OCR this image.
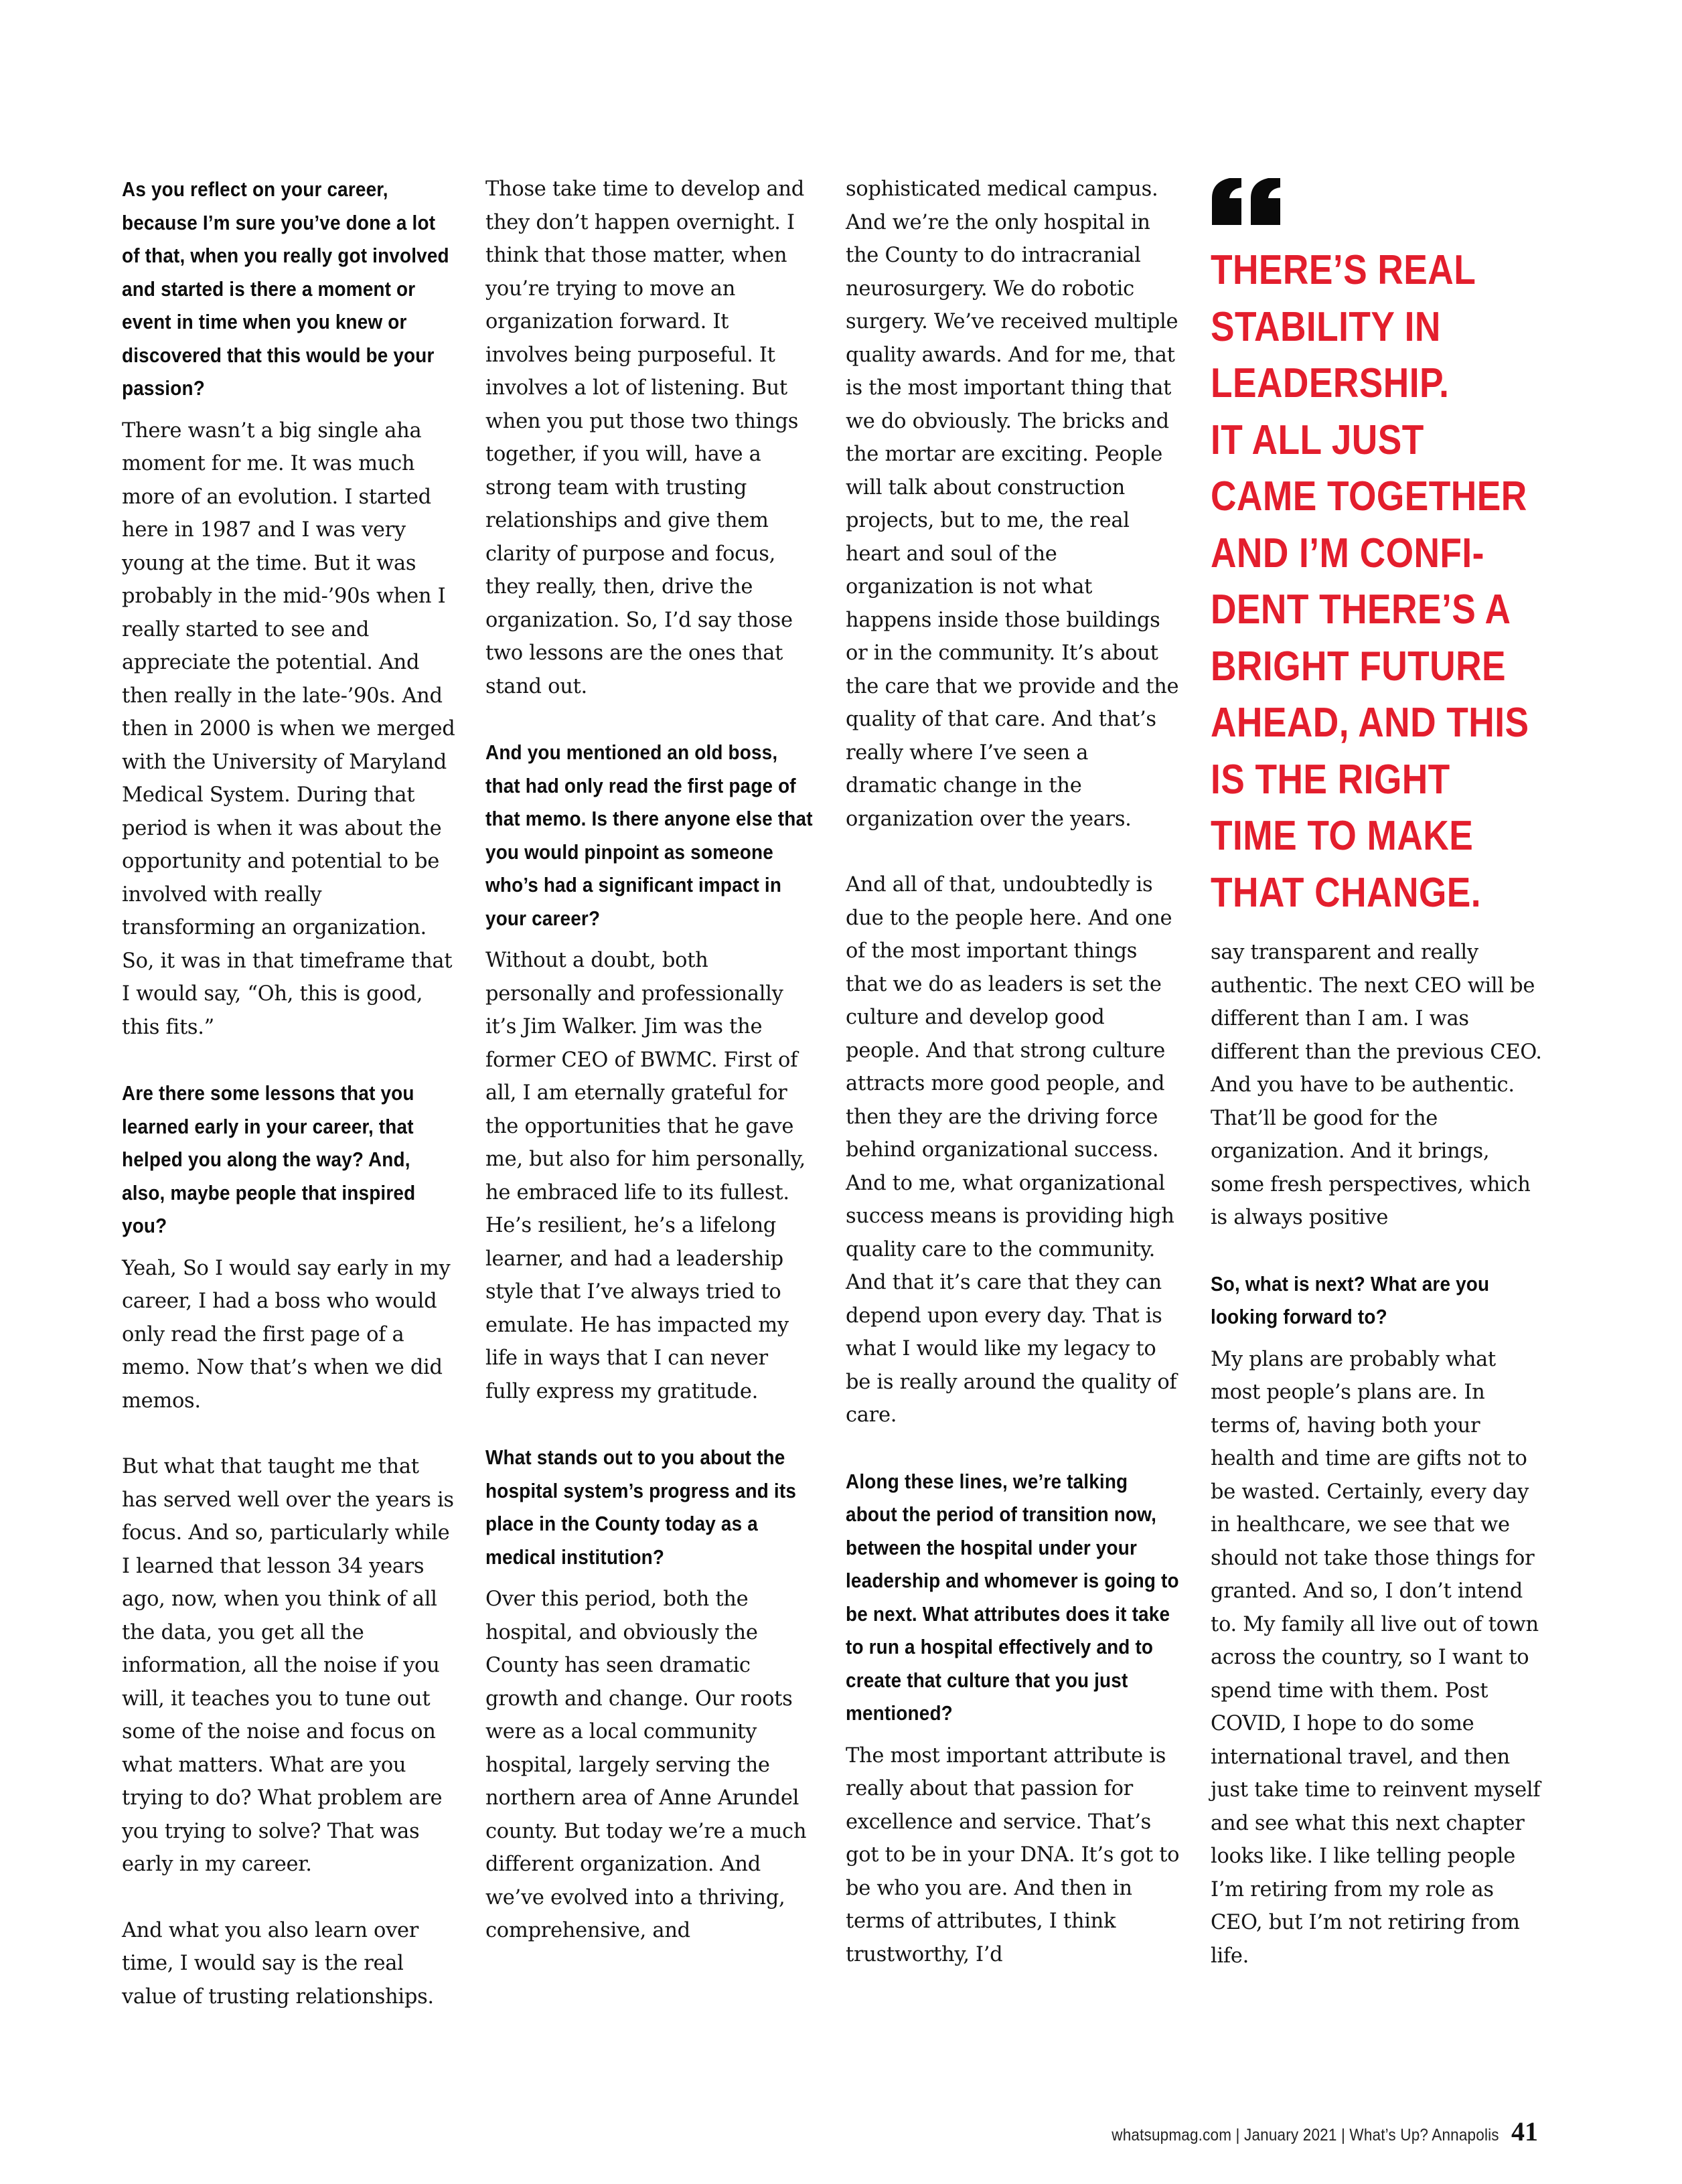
As you reflect on your career, because I’m sure you’ve done a lot of that, when you really got involved and started is there a moment or event in time when you knew or discovered that this would be your passion?

There wasn’t a big single aha moment for me. It was much more of an evolution. I started here in 1987 and I was very young at the time. But it was probably in the mid-’90s when I really started to see and appreciate the potential. And then really in the late-’90s. And then in 2000 is when we merged with the University of Maryland Medical System. During that period is when it was about the opportunity and potential to be involved with really transforming an organization. So, it was in that timeframe that I would say, “Oh, this is good, this fits.”

Are there some lessons that you learned early in your career, that helped you along the way? And, also, maybe people that inspired you?

Yeah, So I would say early in my career, I had a boss who would only read the first page of a memo. Now that’s when we did memos.

But what that taught me that has served well over the years is focus. And so, particularly while I learned that lesson 34 years ago, now, when you think of all the data, you get all the information, all the noise if you will, it teaches you to tune out some of the noise and focus on what matters. What are you trying to do? What problem are you trying to solve? That was early in my career.

And what you also learn over time, I would say is the real value of trusting relationships.

Those take time to develop and they don’t happen overnight. I think that those matter, when you’re trying to move an organization forward. It involves being purposeful. It involves a lot of listening. But when you put those two things together, if you will, have a strong team with trusting relationships and give them clarity of purpose and focus, they really, then, drive the organization. So, I’d say those two lessons are the ones that stand out.

And you mentioned an old boss, that had only read the first page of that memo. Is there anyone else that you would pinpoint as someone who’s had a significant impact in your career?

Without a doubt, both personally and professionally it’s Jim Walker. Jim was the former CEO of BWMC. First of all, I am eternally grateful for the opportunities that he gave me, but also for him personally, he embraced life to its fullest. He’s resilient, he’s a lifelong learner, and had a leadership style that I’ve always tried to emulate. He has impacted my life in ways that I can never fully express my gratitude.

What stands out to you about the hospital system’s progress and its place in the County today as a medical institution?

Over this period, both the hospital, and obviously the County has seen dramatic growth and change. Our roots were as a local community hospital, largely serving the northern area of Anne Arundel county. But today we’re a much different organization. And we’ve evolved into a thriving, comprehensive, and

sophisticated medical campus. And we’re the only hospital in the County to do intracranial neurosurgery. We do robotic surgery. We’ve received multiple quality awards. And for me, that is the most important thing that we do obviously. The bricks and the mortar are exciting. People will talk about construction projects, but to me, the real heart and soul of the organization is not what happens inside those buildings or in the community. It’s about the care that we provide and the quality of that care. And that’s really where I’ve seen a dramatic change in the organization over the years.

And all of that, undoubtedly is due to the people here. And one of the most important things that we do as leaders is set the culture and develop good people. And that strong culture attracts more good people, and then they are the driving force behind organizational success. And to me, what organizational success means is providing high quality care to the community. And that it’s care that they can depend upon every day. That is what I would like my legacy to be is really around the quality of care.

Along these lines, we’re talking about the period of transition now, between the hospital under your leadership and whomever is going to be next. What attributes does it take to run a hospital effectively and to create that culture that you just mentioned?

The most important attribute is really about that passion for excellence and service. That’s got to be in your DNA. It’s got to be who you are. And then in terms of attributes, I think trustworthy, I’d

THERE’S REAL
STABILITY IN
LEADERSHIP.
IT ALL JUST
CAME TOGETHER
AND I’M CONFI-
DENT THERE’S A
BRIGHT FUTURE
AHEAD, AND THIS
IS THE RIGHT
TIME TO MAKE
THAT CHANGE.

say transparent and really authentic. The next CEO will be different than I am. I was different than the previous CEO. And you have to be authentic. That’ll be good for the organization. And it brings, some fresh perspectives, which is always positive

So, what is next? What are you looking forward to?

My plans are probably what most people’s plans are. In terms of, having both your health and time are gifts not to be wasted. Certainly, every day in healthcare, we see that we should not take those things for granted. And so, I don’t intend to. My family all live out of town across the country, so I want to spend time with them. Post COVID, I hope to do some international travel, and then just take time to reinvent myself and see what this next chapter looks like. I like telling people I’m retiring from my role as CEO, but I’m not retiring from life.

whatsupmag.com | January 2021 | What’s Up? Annapolis 41
